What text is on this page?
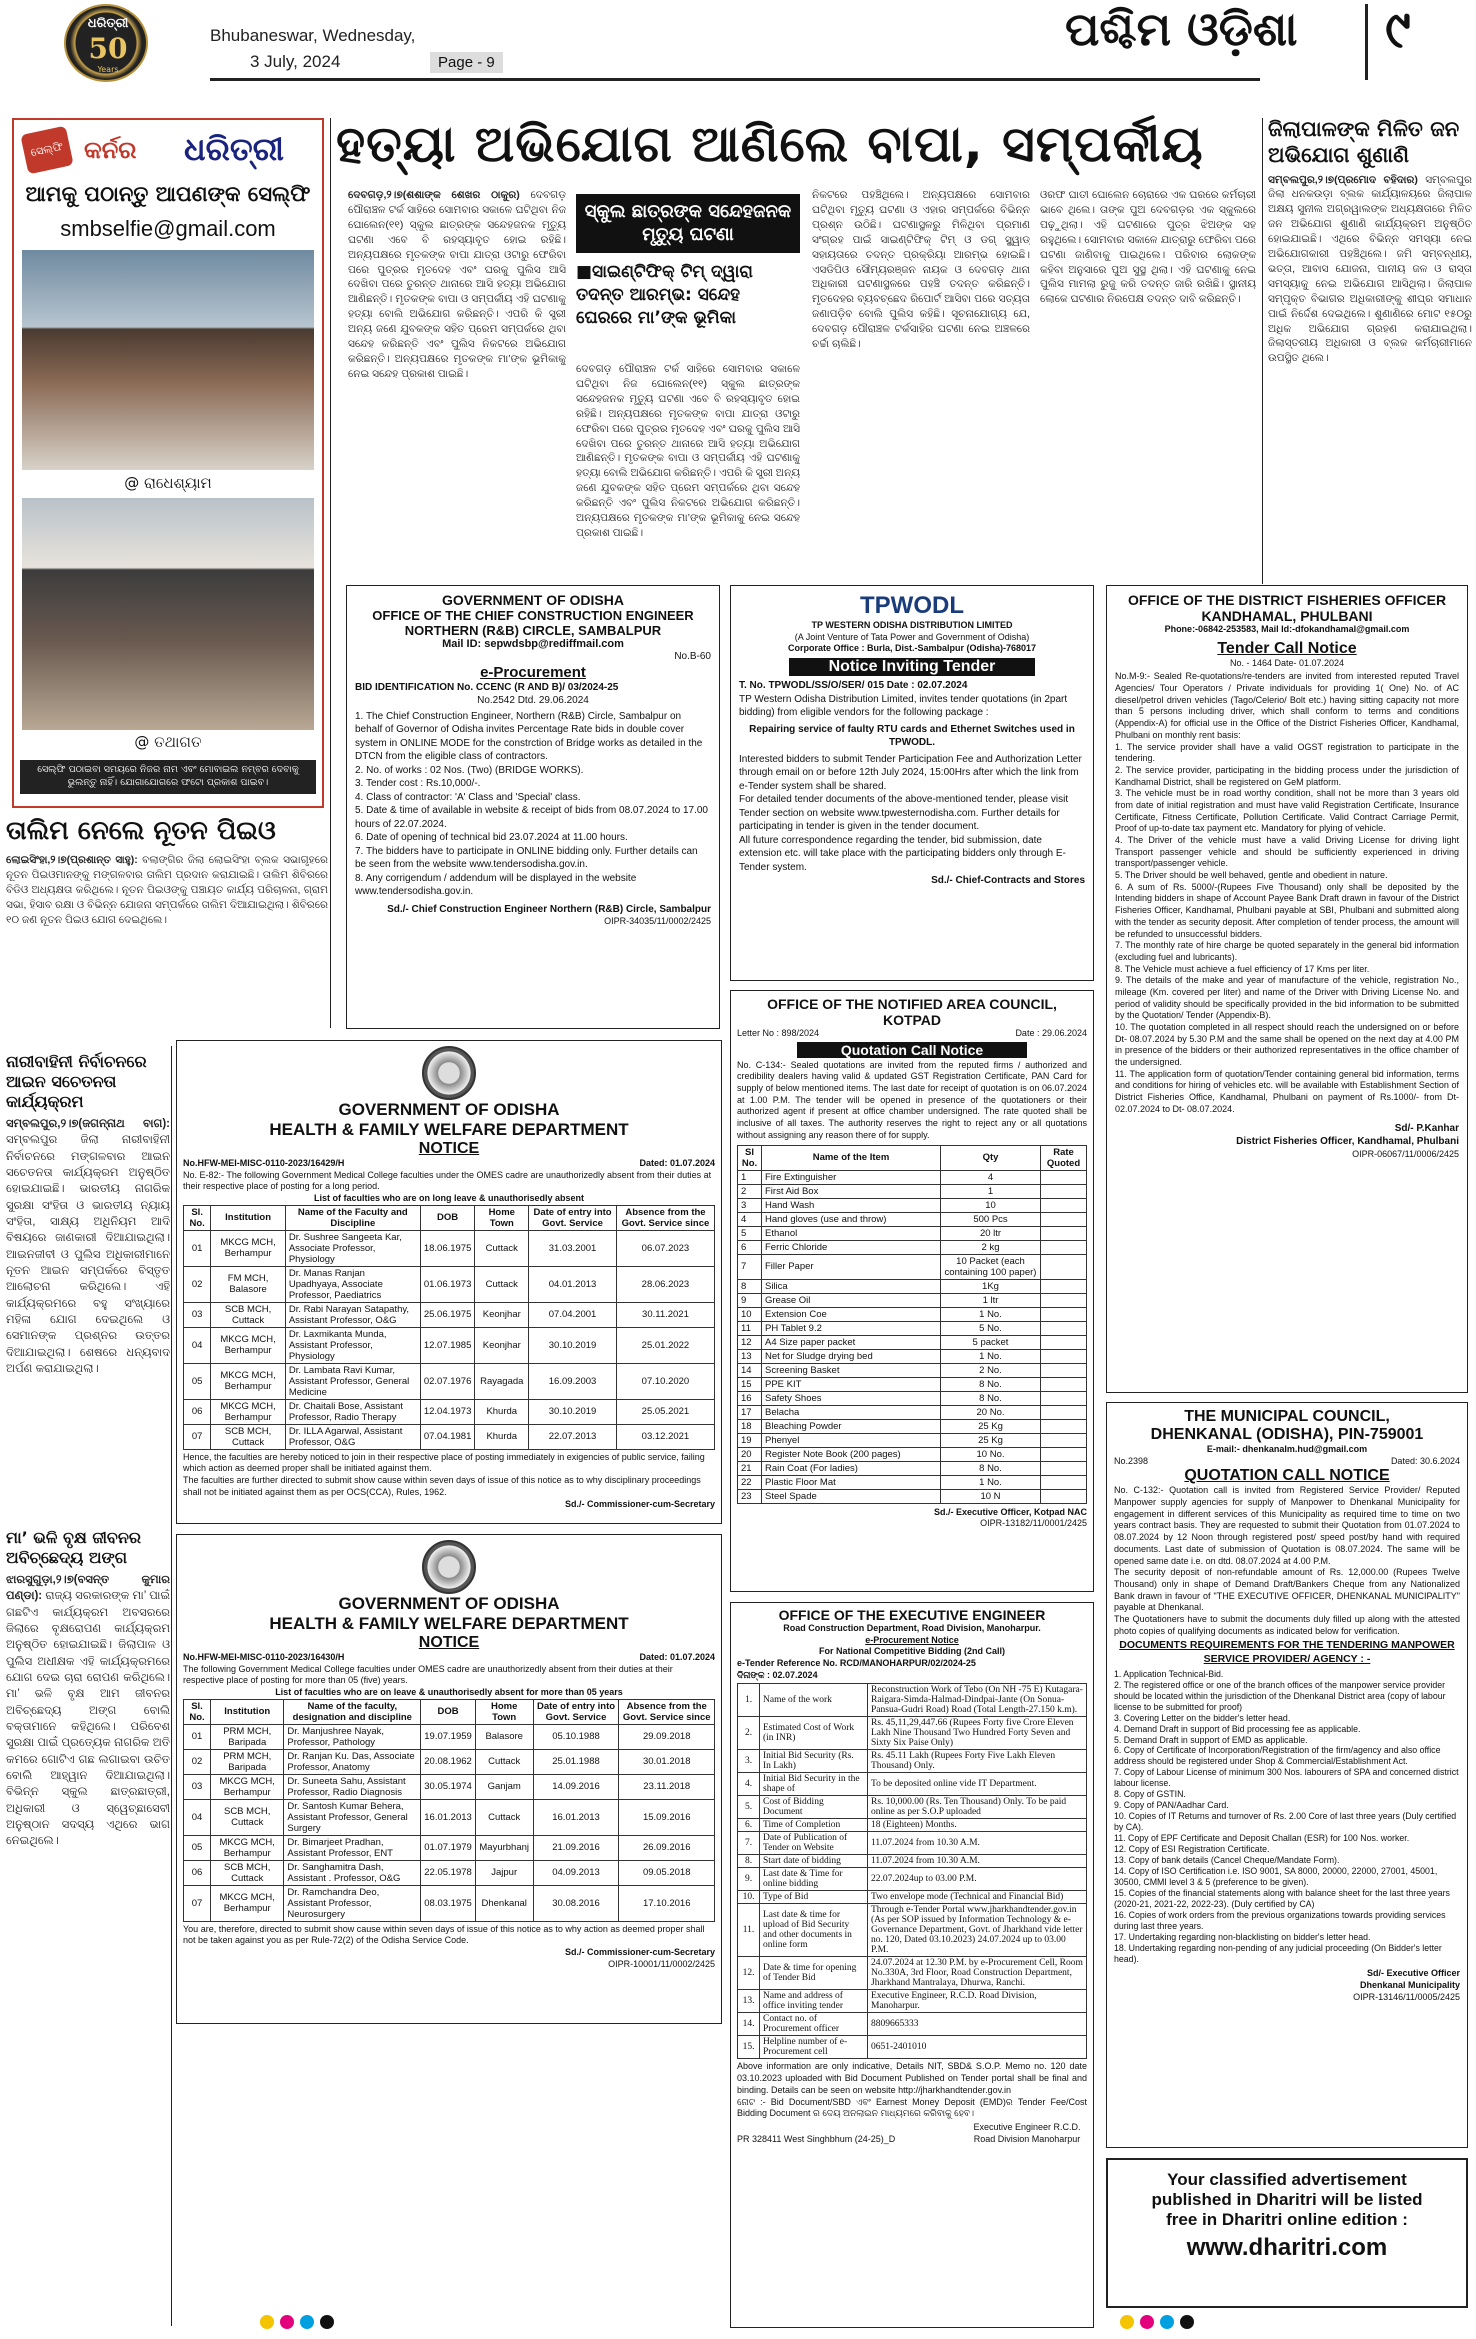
ଧରିତ୍ରୀ
50
Years
Bhubaneswar, Wednesday,
3 July, 2024	Page - 9
ପଶ୍ଚିମ ଓଡ଼ିଶା ୯
ସେଲ୍ଫି କର୍ନର ଧରିତ୍ରୀ
ଆମକୁ ପଠାନ୍ତୁ ଆପଣଙ୍କ ସେଲ୍ଫି
smbselfie@gmail.com
@ ରାଧେଶ୍ୟାମ
@ ତଥାଗତ
ସେଲ୍ଫି ପଠାଇବା ସମୟରେ ନିଜର ନାମ ଏବଂ ମୋବାଇଲ ନମ୍ବର ଦେବାକୁ ଭୁଲନ୍ତୁ ନାହିଁ। ଯୋଗାଯୋଗରେ ଫଟୋ ପ୍ରକାଶ ପାଇବ।
ତାଲିମ ନେଲେ ନୂତନ ପିଇଓ
ଲୋଇସିଂହା,୨।୭(ପ୍ରଶାନ୍ତ ସାହୁ): ବଲାଙ୍ଗିର ଜିଲା ଲୋଇସିଂହା ବ୍ଲକ ସଭାଗୃହରେ ନୂତନ ପିଇଓମାନଙ୍କୁ ମଙ୍ଗଳବାର ତାଲିମ ପ୍ରଦାନ କରାଯାଇଛି। ତାଲିମ ଶିବିରରେ ବିଡିଓ ଅଧ୍ୟକ୍ଷତା କରିଥିଲେ। ନୂତନ ପିଇଓଙ୍କୁ ପଞ୍ଚାୟତ କାର୍ଯ୍ୟ ପରିଚାଳନା, ଗ୍ରାମ ସଭା, ହିସାବ ରକ୍ଷା ଓ ବିଭିନ୍ନ ଯୋଜନା ସମ୍ପର୍କରେ ତାଲିମ ଦିଆଯାଇଥିଲା। ଶିବିରରେ ୧୦ ଜଣ ନୂତନ ପିଇଓ ଯୋଗ ଦେଇଥିଲେ।
ନାରୀବାହିନୀ ନିର୍ବାଚନରେ ଆଇନ ସଚେତନତା କାର୍ଯ୍ୟକ୍ରମ
ସମ୍ବଲପୁର,୨।୭(ଜଗନ୍ନାଥ ବାଗ): ସମ୍ବଲପୁର ଜିଲା ନାରୀବାହିନୀ ନିର୍ବାଚନରେ ମଙ୍ଗଳବାର ଆଇନ ସଚେତନତା କାର୍ଯ୍ୟକ୍ରମ ଅନୁଷ୍ଠିତ ହୋଇଯାଇଛି। ଭାରତୀୟ ନାଗରିକ ସୁରକ୍ଷା ସଂହିତା ଓ ଭାରତୀୟ ନ୍ୟାୟ ସଂହିତା, ସାକ୍ଷ୍ୟ ଅଧିନିୟମ ଆଦି ବିଷୟରେ ଜାଣକାରୀ ଦିଆଯାଇଥିଲା। ଆଇନଜୀବୀ ଓ ପୁଲିସ ଅଧିକାରୀମାନେ ନୂତନ ଆଇନ ସମ୍ପର୍କରେ ବିସ୍ତୃତ ଆଲୋଚନା କରିଥିଲେ। ଏହି କାର୍ଯ୍ୟକ୍ରମରେ ବହୁ ସଂଖ୍ୟାରେ ମହିଳା ଯୋଗ ଦେଇଥିଲେ ଓ ସେମାନଙ୍କ ପ୍ରଶ୍ନର ଉତ୍ତର ଦିଆଯାଇଥିଲା। ଶେଷରେ ଧନ୍ୟବାଦ ଅର୍ପଣ କରାଯାଇଥିଲା।
ମା’ ଭଳି ବୃକ୍ଷ ଜୀବନର ଅବିଚ୍ଛେଦ୍ୟ ଅଙ୍ଗ
ଝାରସୁଗୁଡ଼ା,୨।୭(ବସନ୍ତ କୁମାର ପଣ୍ଡା): ରାଜ୍ୟ ସରକାରଙ୍କ ମା’ ପାଇଁ ଗଛଟିଏ କାର୍ଯ୍ୟକ୍ରମ ଅବସରରେ ଜିଲାରେ ବୃକ୍ଷରୋପଣ କାର୍ଯ୍ୟକ୍ରମ ଅନୁଷ୍ଠିତ ହୋଇଯାଇଛି। ଜିଲାପାଳ ଓ ପୁଲିସ ଅଧୀକ୍ଷକ ଏହି କାର୍ଯ୍ୟକ୍ରମରେ ଯୋଗ ଦେଇ ଚାରା ରୋପଣ କରିଥିଲେ। ମା’ ଭଳି ବୃକ୍ଷ ଆମ ଜୀବନର ଅବିଚ୍ଛେଦ୍ୟ ଅଙ୍ଗ ବୋଲି ବକ୍ତାମାନେ କହିଥିଲେ। ପରିବେଶ ସୁରକ୍ଷା ପାଇଁ ପ୍ରତ୍ୟେକ ନାଗରିକ ଅତି କମରେ ଗୋଟିଏ ଗଛ ଲଗାଇବା ଉଚିତ ବୋଲି ଆହ୍ୱାନ ଦିଆଯାଇଥିଲା। ବିଭିନ୍ନ ସ୍କୁଲ ଛାତ୍ରଛାତ୍ରୀ, ଅଧିକାରୀ ଓ ସ୍ୱେଚ୍ଛାସେବୀ ଅନୁଷ୍ଠାନ ସଦସ୍ୟ ଏଥିରେ ଭାଗ ନେଇଥିଲେ।
ହତ୍ୟା ଅଭିଯୋଗ ଆଣିଲେ ବାପା, ସମ୍ପର୍କୀୟ
ଦେବଗଡ଼,୨।୭(ଶଶାଙ୍କ ଶେଖର ଠାକୁର) ଦେବଗଡ଼ ପୌରାଞ୍ଚଳ ଟର୍କ ସାହିରେ ସୋମବାର ସକାଳେ ଘଟିଥିବା ନିଜ ଘୋଲେନ(୧୧) ସ୍କୁଲ ଛାତ୍ରଙ୍କ ସନ୍ଦେହଜନକ ମୃତ୍ୟୁ ଘଟଣା ଏବେ ବି ରହସ୍ୟାବୃତ ହୋଇ ରହିଛି। ଅନ୍ୟପକ୍ଷରେ ମୃତକଙ୍କ ବାପା ଯାତ୍ରା ଓଟାରୁ ଫେରିବା ପରେ ପୁତ୍ରର ମୃତଦେହ ଏବଂ ଘରକୁ ପୁଲିସ ଆସି ଦେଖିବା ପରେ ତୁରନ୍ତ ଥାନାରେ ଆସି ହତ୍ୟା ଅଭିଯୋଗ ଆଣିଛନ୍ତି। ମୃତକଙ୍କ ବାପା ଓ ସମ୍ପର୍କୀୟ ଏହି ଘଟଣାକୁ ହତ୍ୟା ବୋଲି ଅଭିଯୋଗ କରିଛନ୍ତି। ଏପରି କି ସ୍ତ୍ରୀ ଅନ୍ୟ ଜଣେ ଯୁବକଙ୍କ ସହିତ ପ୍ରେମ ସମ୍ପର୍କରେ ଥିବା ସନ୍ଦେହ କରିଛନ୍ତି ଏବଂ ପୁଲିସ ନିକଟରେ ଅଭିଯୋଗ କରିଛନ୍ତି। ଅନ୍ୟପକ୍ଷରେ ମୃତକଙ୍କ ମା’ଙ୍କ ଭୂମିକାକୁ ନେଇ ସନ୍ଦେହ ପ୍ରକାଶ ପାଇଛି।
ସ୍କୁଲ ଛାତ୍ରଙ୍କ ସନ୍ଦେହଜନକ ମୃତ୍ୟୁ ଘଟଣା
■ସାଇଣ୍ଟିଫିକ୍ ଟିମ୍ ଦ୍ୱାରା ତଦନ୍ତ ଆରମ୍ଭ: ସନ୍ଦେହ ଘେରରେ ମା’ଙ୍କ ଭୂମିକା
ଦେବଗଡ଼ ପୌରାଞ୍ଚଳ ଟର୍କ ସାହିରେ ସୋମବାର ସକାଳେ ଘଟିଥିବା ନିଜ ଘୋଲେନ(୧୧) ସ୍କୁଲ ଛାତ୍ରଙ୍କ ସନ୍ଦେହଜନକ ମୃତ୍ୟୁ ଘଟଣା ଏବେ ବି ରହସ୍ୟାବୃତ ହୋଇ ରହିଛି। ଅନ୍ୟପକ୍ଷରେ ମୃତକଙ୍କ ବାପା ଯାତ୍ରା ଓଟାରୁ ଫେରିବା ପରେ ପୁତ୍ରର ମୃତଦେହ ଏବଂ ଘରକୁ ପୁଲିସ ଆସି ଦେଖିବା ପରେ ତୁରନ୍ତ ଥାନାରେ ଆସି ହତ୍ୟା ଅଭିଯୋଗ ଆଣିଛନ୍ତି। ମୃତକଙ୍କ ବାପା ଓ ସମ୍ପର୍କୀୟ ଏହି ଘଟଣାକୁ ହତ୍ୟା ବୋଲି ଅଭିଯୋଗ କରିଛନ୍ତି। ଏପରି କି ସ୍ତ୍ରୀ ଅନ୍ୟ ଜଣେ ଯୁବକଙ୍କ ସହିତ ପ୍ରେମ ସମ୍ପର୍କରେ ଥିବା ସନ୍ଦେହ କରିଛନ୍ତି ଏବଂ ପୁଲିସ ନିକଟରେ ଅଭିଯୋଗ କରିଛନ୍ତି। ଅନ୍ୟପକ୍ଷରେ ମୃତକଙ୍କ ମା’ଙ୍କ ଭୂମିକାକୁ ନେଇ ସନ୍ଦେହ ପ୍ରକାଶ ପାଇଛି।
ନିକଟରେ ପହଞ୍ଚିଥିଲେ। ଅନ୍ୟପକ୍ଷରେ ସୋମବାର ଘଟିଥିବା ମୃତ୍ୟୁ ଘଟଣା ଓ ଏହାର ସମ୍ପର୍କରେ ବିଭିନ୍ନ ପ୍ରଶ୍ନ ଉଠିଛି। ଘଟଣାସ୍ଥଳରୁ ମିଳିଥିବା ପ୍ରମାଣ ସଂଗ୍ରହ ପାଇଁ ସାଇଣ୍ଟିଫିକ୍ ଟିମ୍ ଓ ଡଗ୍ ସ୍କ୍ୱାଡ୍ ସହାୟତାରେ ତଦନ୍ତ ପ୍ରକ୍ରିୟା ଆରମ୍ଭ ହୋଇଛି। ଏସଡିପିଓ ସୌମ୍ୟରଞ୍ଜନ ନାୟକ ଓ ଦେବଗଡ଼ ଥାନା ଅଧିକାରୀ ଘଟଣାସ୍ଥଳରେ ପହଞ୍ଚି ତଦନ୍ତ କରିଛନ୍ତି। ମୃତଦେହର ବ୍ୟବଚ୍ଛେଦ ରିପୋର୍ଟ ଆସିବା ପରେ ସତ୍ୟତା ଜଣାପଡ଼ିବ ବୋଲି ପୁଲିସ କହିଛି। ସୂଚନାଯୋଗ୍ୟ ଯେ, ଦେବଗଡ଼ ପୌରାଞ୍ଚଳ ଟର୍କସାହିର ଘଟଣା ନେଇ ଅଞ୍ଚଳରେ ଚର୍ଚ୍ଚା ଚାଲିଛି।
ଓରଫ ଘାତୀ ଘୋଲେନ ଚୋରାରେ ଏକ ଘରରେ କର୍ମଚାରୀ ଭାବେ ଥିଲେ। ତାଙ୍କ ପୁଅ ଦେବଗଡ଼ର ଏକ ସ୍କୁଲରେ ପଢ଼ୁଥିଲା। ଏହି ଘଟଣାରେ ପୁତ୍ର ଝିଅଙ୍କ ସହ ରହୁଥିଲେ। ସୋମବାର ସକାଳେ ଯାତ୍ରାରୁ ଫେରିବା ପରେ ଘଟଣା ଜାଣିବାକୁ ପାଇଥିଲେ। ପରିବାର ଲୋକଙ୍କ କହିବା ଅନୁସାରେ ପୁଅ ସୁସ୍ଥ ଥିଲା। ଏହି ଘଟଣାକୁ ନେଇ ପୁଲିସ ମାମଲା ରୁଜୁ କରି ତଦନ୍ତ ଜାରି ରଖିଛି। ସ୍ଥାନୀୟ ଲୋକେ ଘଟଣାର ନିରପେକ୍ଷ ତଦନ୍ତ ଦାବି କରିଛନ୍ତି।
ଜିଲାପାଳଙ୍କ ମିଳିତ ଜନ ଅଭିଯୋଗ ଶୁଣାଣି
ସମ୍ବଲପୁର,୨।୭(ପ୍ରମୋଦ ବହିଦାର) ସମ୍ବଲପୁର ଜିଲା ଧନକଉଡ଼ା ବ୍ଲକ କାର୍ଯ୍ୟାଳୟରେ ଜିଲାପାଳ ଅକ୍ଷୟ ସୁନୀଲ ଅଗ୍ରୱାଲଙ୍କ ଅଧ୍ୟକ୍ଷତାରେ ମିଳିତ ଜନ ଅଭିଯୋଗ ଶୁଣାଣି କାର୍ଯ୍ୟକ୍ରମ ଅନୁଷ୍ଠିତ ହୋଇଯାଇଛି। ଏଥିରେ ବିଭିନ୍ନ ସମସ୍ୟା ନେଇ ଅଭିଯୋଗକାରୀ ପହଞ୍ଚିଥିଲେ। ଜମି ସମ୍ବନ୍ଧୀୟ, ଭତ୍ତା, ଆବାସ ଯୋଜନା, ପାନୀୟ ଜଳ ଓ ରାସ୍ତା ସମସ୍ୟାକୁ ନେଇ ଅଭିଯୋଗ ଆସିଥିଲା। ଜିଲାପାଳ ସମ୍ପୃକ୍ତ ବିଭାଗର ଅଧିକାରୀଙ୍କୁ ଶୀଘ୍ର ସମାଧାନ ପାଇଁ ନିର୍ଦ୍ଦେଶ ଦେଇଥିଲେ। ଶୁଣାଣିରେ ମୋଟ ୧୫୦ରୁ ଅଧିକ ଅଭିଯୋଗ ଗ୍ରହଣ କରାଯାଇଥିଲା। ଜିଲାସ୍ତରୀୟ ଅଧିକାରୀ ଓ ବ୍ଲକ କର୍ମଚାରୀମାନେ ଉପସ୍ଥିତ ଥିଲେ।
GOVERNMENT OF ODISHA
OFFICE OF THE CHIEF CONSTRUCTION ENGINEER
NORTHERN (R&B) CIRCLE, SAMBALPUR
Mail ID: sepwdsbp@rediffmail.com
No.B-60
e-Procurement
BID IDENTIFICATION No. CCENC (R AND B)/ 03/2024-25
No.2542 Dtd. 29.06.2024
1. The Chief Construction Engineer, Northern (R&B) Circle, Sambalpur on behalf of Governor of Odisha invites Percentage Rate bids in double cover system in ONLINE MODE for the constrction of Bridge works as detailed in the DTCN from the eligible class of contractors.
2. No. of works : 02 Nos. (Two) (BRIDGE WORKS).
3. Tender cost : Rs.10,000/-.
4. Class of contractor: 'A' Class and 'Special' class.
5. Date & time of available in website & receipt of bids from 08.07.2024 to 17.00 hours of 22.07.2024.
6. Date of opening of technical bid 23.07.2024 at 11.00 hours.
7. The bidders have to participate in ONLINE bidding only. Further details can be seen from the website www.tendersodisha.gov.in.
8. Any corrigendum / addendum will be displayed in the website www.tendersodisha.gov.in.
Sd./- Chief Construction Engineer Northern (R&B) Circle, Sambalpur
OIPR-34035/11/0002/2425
TPWODL
TP WESTERN ODISHA DISTRIBUTION LIMITED
(A Joint Venture of Tata Power and Government of Odisha)
Corporate Office : Burla, Dist.-Sambalpur (Odisha)-768017
Notice Inviting Tender
T. No. TPWODL/SS/O/SER/ 015 Date : 02.07.2024
TP Western Odisha Distribution Limited, invites tender quotations (in 2part bidding) from eligible vendors for the following package :
Repairing service of faulty RTU cards and Ethernet Switches used in TPWODL.
Interested bidders to submit Tender Participation Fee and Authorization Letter through email on or before 12th July 2024, 15:00Hrs after which the link from e-Tender system shall be shared.
For detailed tender documents of the above-mentioned tender, please visit Tender section on website www.tpwesternodisha.com. Further details for participating in tender is given in the tender document.
All future correspondence regarding the tender, bid submission, date extension etc. will take place with the participating bidders only through E-Tender system.
Sd./- Chief-Contracts and Stores
OFFICE OF THE DISTRICT FISHERIES OFFICER
KANDHAMAL, PHULBANI
Phone:-06842-253583, Mail Id:-dfokandhamal@gmail.com
Tender Call Notice
No. - 1464 Date- 01.07.2024
No.M-9:- Sealed Re-quotations/re-tenders are invited from interested reputed Travel Agencies/ Tour Operators / Private individuals for providing 1( One) No. of AC diesel/petrol driven vehicles (Tago/Celerio/ Bolt etc.) having sitting capacity not more than 5 persons including driver, which shall conform to terms and conditions (Appendix-A) for official use in the Office of the District Fisheries Officer, Kandhamal, Phulbani on monthly rent basis:
1. The service provider shall have a valid OGST registration to participate in the tendering.
2. The service provider, participating in the bidding process under the jurisdiction of Kandhamal District, shall be registered on GeM platform.
3. The vehicle must be in road worthy condition, shall not be more than 3 years old from date of initial registration and must have valid Registration Certificate, Insurance Certificate, Fitness Certificate, Pollution Certificate. Valid Contract Carriage Permit, Proof of up-to-date tax payment etc. Mandatory for plying of vehicle.
4. The Driver of the vehicle must have a valid Driving License for driving light Transport passenger vehicle and should be sufficiently experienced in driving transport/passenger vehicle.
5. The Driver should be well behaved, gentle and obedient in nature.
6. A sum of Rs. 5000/-(Rupees Five Thousand) only shall be deposited by the Intending bidders in shape of Account Payee Bank Draft drawn in favour of the District Fisheries Officer, Kandhamal, Phulbani payable at SBI, Phulbani and submitted along with the tender as security deposit. After completion of tender process, the amount will be refunded to unsuccessful bidders.
7. The monthly rate of hire charge be quoted separately in the general bid information (excluding fuel and lubricants).
8. The Vehicle must achieve a fuel efficiency of 17 Kms per liter.
9. The details of the make and year of manufacture of the vehicle, registration No., mileage (Km. covered per liter) and name of the Driver with Driving License No. and period of validity should be specifically provided in the bid information to be submitted by the Quotation/ Tender (Appendix-B).
10. The quotation completed in all respect should reach the undersigned on or before Dt- 08.07.2024 by 5.30 P.M and the same shall be opened on the next day at 4.00 PM in presence of the bidders or their authorized representatives in the office chamber of the undersigned.
11. The application form of quotation/Tender containing general bid information, terms and conditions for hiring of vehicles etc. will be available with Establishment Section of District Fisheries Office, Kandhamal, Phulbani on payment of Rs.1000/- from Dt-02.07.2024 to Dt- 08.07.2024.
Sd/- P.Kanhar
District Fisheries Officer, Kandhamal, Phulbani
OIPR-06067/11/0006/2425
OFFICE OF THE NOTIFIED AREA COUNCIL, KOTPAD
Letter No : 898/2024	Date : 29.06.2024
Quotation Call Notice
No. C-134:- Sealed quotations are invited from the reputed firms / authorized and credibility dealers having valid & updated GST Registration Certificate, PAN Card for supply of below mentioned items. The last date for receipt of quotation is on 06.07.2024 at 1.00 P.M. The tender will be opened in presence of the quotationers or their authorized agent if present at office chamber undersigned. The rate quoted shall be inclusive of all taxes. The authority reserves the right to reject any or all quotations without assigning any reason there of for supply.
Sl No.	Name of the Item	Qty	Rate Quoted
1	Fire Extinguisher	4	
2	First Aid Box	1	
3	Hand Wash	10	
4	Hand gloves (use and throw)	500 Pcs	
5	Ethanol	20 ltr	
6	Ferric Chloride	2 kg	
7	Filler Paper	10 Packet (each containing 100 paper)	
8	Silica	1Kg	
9	Grease Oil	1 ltr	
10	Extension Coe	1 No.	
11	PH Tablet 9.2	5 No.	
12	A4 Size paper packet	5 packet	
13	Net for Sludge drying bed	1 No.	
14	Screening Basket	2 No.	
15	PPE KIT	8 No.	
16	Safety Shoes	8 No.	
17	Belacha	20 No.	
18	Bleaching Powder	25 Kg	
19	Phenyel	25 Kg	
20	Register Note Book (200 pages)	10 No.	
21	Rain Coat (For ladies)	8 No.	
22	Plastic Floor Mat	1 No.	
23	Steel Spade	10 N	
Sd./- Executive Officer, Kotpad NAC
OIPR-13182/11/0001/2425
GOVERNMENT OF ODISHA
HEALTH & FAMILY WELFARE DEPARTMENT
NOTICE
No.HFW-MEI-MISC-0110-2023/16429/H	Dated: 01.07.2024
No. E-82:- The following Government Medical College faculties under the OMES cadre are unauthorizedly absent from their duties at their respective place of posting for a long period.
List of faculties who are on long leave & unauthorisedly absent
Sl. No.	Institution	Name of the Faculty and Discipline	DOB	Home Town	Date of entry into Govt. Service	Absence from the Govt. Service since
01	MKCG MCH, Berhampur	Dr. Sushree Sangeeta Kar, Associate Professor, Physiology	18.06.1975	Cuttack	31.03.2001	06.07.2023
02	FM MCH, Balasore	Dr. Manas Ranjan Upadhyaya, Associate Professor, Paediatrics	01.06.1973	Cuttack	04.01.2013	28.06.2023
03	SCB MCH, Cuttack	Dr. Rabi Narayan Satapathy, Assistant Professor, O&G	25.06.1975	Keonjhar	07.04.2001	30.11.2021
04	MKCG MCH, Berhampur	Dr. Laxmikanta Munda, Assistant Professor, Physiology	12.07.1985	Keonjhar	30.10.2019	25.01.2022
05	MKCG MCH, Berhampur	Dr. Lambata Ravi Kumar, Assistant Professor, General Medicine	02.07.1976	Rayagada	16.09.2003	07.10.2020
06	MKCG MCH, Berhampur	Dr. Chaitali Bose, Assistant Professor, Radio Therapy	12.04.1973	Khurda	30.10.2019	25.05.2021
07	SCB MCH, Cuttack	Dr. ILLA Agarwal, Assistant Professor, O&G	07.04.1981	Khurda	22.07.2013	03.12.2021
Hence, the faculties are hereby noticed to join in their respective place of posting immediately in exigencies of public service, failing which action as deemed proper shall be initiated against them.
The faculties are further directed to submit show cause within seven days of issue of this notice as to why disciplinary proceedings shall not be initiated against them as per OCS(CCA), Rules, 1962.
Sd./- Commissioner-cum-Secretary
GOVERNMENT OF ODISHA
HEALTH & FAMILY WELFARE DEPARTMENT
NOTICE
No.HFW-MEI-MISC-0110-2023/16430/H	Dated: 01.07.2024
The following Government Medical College faculties under OMES cadre are unauthorizedly absent from their duties at their respective place of posting for more than 05 (five) years.
List of faculties who are on leave & unauthorisedly absent for more than 05 years
Sl. No.	Institution	Name of the faculty, designation and discipline	DOB	Home Town	Date of entry into Govt. Service	Absence from the Govt. Service since
01	PRM MCH, Baripada	Dr. Manjushree Nayak, Professor, Pathology	19.07.1959	Balasore	05.10.1988	29.09.2018
02	PRM MCH, Baripada	Dr. Ranjan Ku. Das, Associate Professor, Anatomy	20.08.1962	Cuttack	25.01.1988	30.01.2018
03	MKCG MCH, Berhampur	Dr. Suneeta Sahu, Assistant Professor, Radio Diagnosis	30.05.1974	Ganjam	14.09.2016	23.11.2018
04	SCB MCH, Cuttack	Dr. Santosh Kumar Behera, Assistant Professor, General Surgery	16.01.2013	Cuttack	16.01.2013	15.09.2016
05	MKCG MCH, Berhampur	Dr. Bimarjeet Pradhan, Assistant Professor, ENT	01.07.1979	Mayurbhanj	21.09.2016	26.09.2016
06	SCB MCH, Cuttack	Dr. Sanghamitra Dash, Assistant . Professor, O&G	22.05.1978	Jajpur	04.09.2013	09.05.2018
07	MKCG MCH, Berhampur	Dr. Ramchandra Deo, Assistant Professor, Neurosurgery	08.03.1975	Dhenkanal	30.08.2016	17.10.2016
You are, therefore, directed to submit show cause within seven days of issue of this notice as to why action as deemed proper shall not be taken against you as per Rule-72(2) of the Odisha Service Code.
Sd./- Commissioner-cum-Secretary
OIPR-10001/11/0002/2425
OFFICE OF THE EXECUTIVE ENGINEER
Road Construction Department, Road Division, Manoharpur.
e-Procurement Notice
For National Competitive Bidding (2nd Call)
e-Tender Reference No. RCD/MANOHARPUR/02/2024-25
ଦିନାଙ୍କ : 02.07.2024
1.	Name of the work	Reconstruction Work of Tebo (On NH -75 E) Kutagara-Raigara-Simda-Halmad-Dindpai-Jante (On Sonua-Pansua-Gudri Road) Road (Total Length-27.150 k.m).
2.	Estimated Cost of Work (in INR)	Rs. 45,11,29,447.66 (Rupees Forty five Crore Eleven Lakh Nine Thousand Two Hundred Forty Seven and Sixty Six Paise Only)
3.	Initial Bid Security (Rs. In Lakh)	Rs. 45.11 Lakh (Rupees Forty Five Lakh Eleven Thousand) Only.
4.	Initial Bid Security in the shape of	To be deposited online vide IT Department.
5.	Cost of Bidding Document	Rs. 10,000.00 (Rs. Ten Thousand) Only. To be paid online as per S.O.P uploaded
6.	Time of Completion	18 (Eighteen) Months.
7.	Date of Publication of Tender on Website	11.07.2024 from 10.30 A.M.
8.	Start date of bidding	11.07.2024 from 10.30 A.M.
9.	Last date & Time for online bidding	22.07.2024up to 03.00 P.M.
10.	Type of Bid	Two envelope mode (Technical and Financial Bid)
11.	Last date & time for upload of Bid Security and other documents in online form	Through e-Tender Portal www.jharkhandtender.gov.in (As per SOP issued by Information Technology & e-Governance Department, Govt. of Jharkhand vide letter no. 120, Dated 03.10.2023) 24.07.2024 up to 03.00 P.M.
12.	Date & time for opening of Tender Bid	24.07.2024 at 12.30 P.M. by e-Procurement Cell, Room No.330A, 3rd Floor, Road Construction Department, Jharkhand Mantralaya, Dhurwa, Ranchi.
13.	Name and address of office inviting tender	Executive Engineer, R.C.D. Road Division, Manoharpur.
14.	Contact no. of Procurement officer	8809665333
15.	Helpline number of e-Procurement cell	0651-2401010
Above information are only indicative, Details NIT, SBD& S.O.P. Memo no. 120 date 03.10.2023 uploaded with Bid Document Published on Tender portal shall be final and binding. Details can be seen on website http://jharkhandtender.gov.in
ନୋଟ :- Bid Document/SBD ଏବଂ Earnest Money Deposit (EMD)ର Tender Fee/Cost Bidding Document ର ଦେୟ ଅନଲାଇନ ମାଧ୍ୟମରେ କରିବାକୁ ହେବ।
PR 328411 West Singhbhum (24-25)_D
Executive Engineer R.C.D. Road Division Manoharpur
THE MUNICIPAL COUNCIL,
DHENKANAL (ODISHA), PIN-759001
E-mail:- dhenkanalm.hud@gmail.com
No.2398	Dated: 30.6.2024
QUOTATION CALL NOTICE
No. C-132:- Quotation call is invited from Registered Service Provider/ Reputed Manpower supply agencies for supply of Manpower to Dhenkanal Municipality for engagement in different services of this Municipality as required time to time on two years contract basis. They are requested to submit their Quotation from 01.07.2024 to 08.07.2024 by 12 Noon through registered post/ speed post/by hand with required documents. Last date of submission of Quotation is 08.07.2024. The same will be opened same date i.e. on dtd. 08.07.2024 at 4.00 P.M.
The security deposit of non-refundable amount of Rs. 12,000.00 (Rupees Twelve Thousand) only in shape of Demand Draft/Bankers Cheque from any Nationalized Bank drawn in favour of "THE EXECUTIVE OFFICER, DHENKANAL MUNICIPALITY" payable at Dhenkanal.
The Quotationers have to submit the documents duly filled up along with the attested photo copies of qualifying documents as indicated below for verification.
DOCUMENTS REQUIREMENTS FOR THE TENDERING MANPOWER SERVICE PROVIDER/ AGENCY : -
1. Application Technical-Bid.
2. The registered office or one of the branch offices of the manpower service provider should be located within the jurisdiction of the Dhenkanal District area (copy of labour license to be submitted for proof)
3. Covering Letter on the bidder's letter head.
4. Demand Draft in support of Bid processing fee as applicable.
5. Demand Draft in support of EMD as applicable.
6. Copy of Certificate of Incorporation/Registration of the firm/agency and also office address should be registered under Shop & Commercial/Establishment Act.
7. Copy of Labour License of minimum 300 Nos. labourers of SPA and concerned district labour license.
8. Copy of GSTIN.
9. Copy of PAN/Aadhar Card.
10. Copies of IT Returns and turnover of Rs. 2.00 Core of last three years (Duly certified by CA).
11. Copy of EPF Certificate and Deposit Challan (ESR) for 100 Nos. worker.
12. Copy of ESI Registration Certificate.
13. Copy of bank details (Cancel Cheque/Mandate Form).
14. Copy of ISO Certification i.e. ISO 9001, SA 8000, 20000, 22000, 27001, 45001, 30500, CMMI level 3 & 5 (preference to be given).
15. Copies of the financial statements along with balance sheet for the last three years (2020-21, 2021-22, 2022-23). (Duly certified by CA)
16. Copies of work orders from the previous organizations towards providing services during last three years.
17. Undertaking regarding non-blacklisting on bidder's letter head.
18. Undertaking regarding non-pending of any judicial proceeding (On Bidder's letter head).
Sd/- Executive Officer
Dhenkanal Municipality
OIPR-13146/11/0005/2425
Your classified advertisement
published in Dharitri will be listed
free in Dharitri online edition :
www.dharitri.com
